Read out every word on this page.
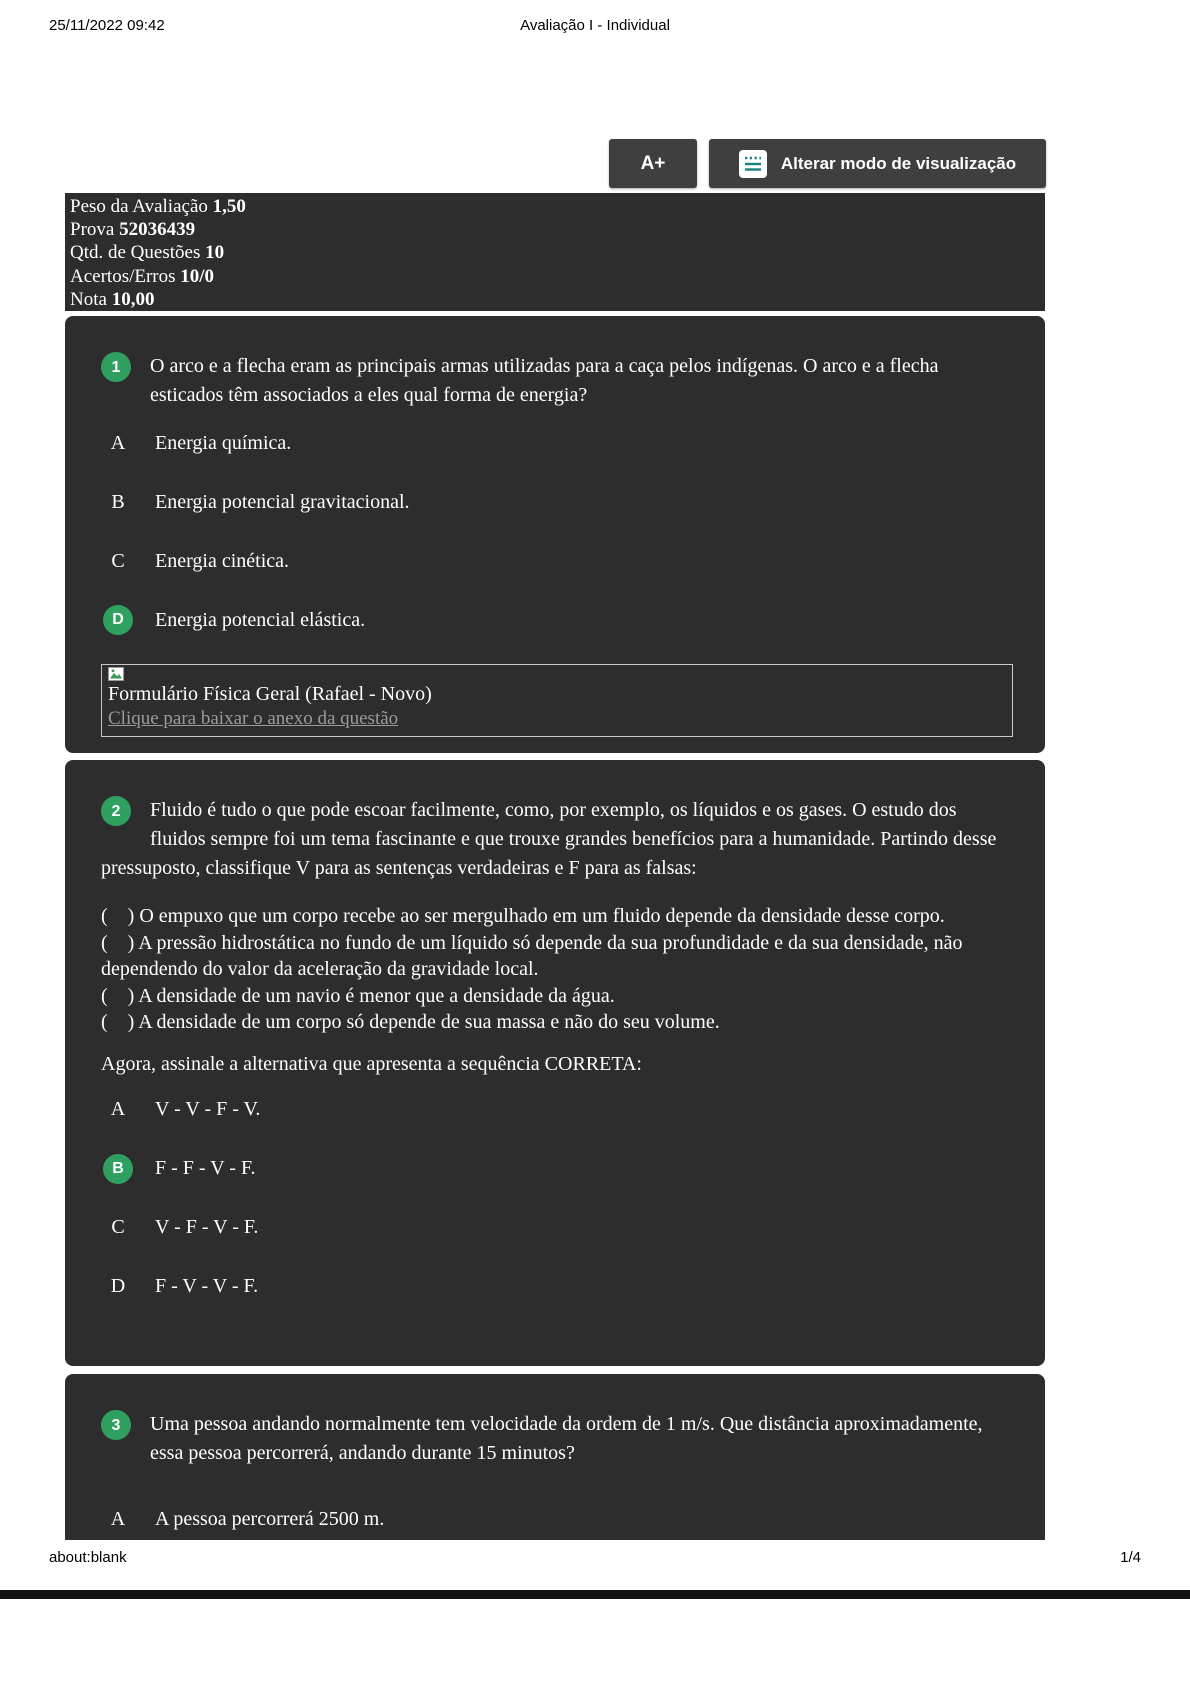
25/11/2022 09:42	Avaliação I - Individual
A+	Alterar modo de visualização
Peso da Avaliação 1,50
Prova 52036439
Qtd. de Questões 10
Acertos/Erros 10/0
Nota 10,00
1	O arco e a flecha eram as principais armas utilizadas para a caça pelos indígenas. O arco e a flecha esticados têm associados a eles qual forma de energia?
A	Energia química.
B	Energia potencial gravitacional.
C	Energia cinética.
D	Energia potencial elástica.
Formulário Física Geral (Rafael - Novo)
Clique para baixar o anexo da questão
2	Fluido é tudo o que pode escoar facilmente, como, por exemplo, os líquidos e os gases. O estudo dos fluidos sempre foi um tema fascinante e que trouxe grandes benefícios para a humanidade. Partindo desse pressuposto, classifique V para as sentenças verdadeiras e F para as falsas:

(    ) O empuxo que um corpo recebe ao ser mergulhado em um fluido depende da densidade desse corpo.

(    ) A pressão hidrostática no fundo de um líquido só depende da sua profundidade e da sua densidade, não dependendo do valor da aceleração da gravidade local.

(    ) A densidade de um navio é menor que a densidade da água.

(    ) A densidade de um corpo só depende de sua massa e não do seu volume.

Agora, assinale a alternativa que apresenta a sequência CORRETA:

A	V - V - F - V.
B	F - F - V - F.
C	V - F - V - F.
D	F - V - V - F.
3	Uma pessoa andando normalmente tem velocidade da ordem de 1 m/s. Que distância aproximadamente, essa pessoa percorrerá, andando durante 15 minutos?
A	A pessoa percorrerá 2500 m.
about:blank	1/4
